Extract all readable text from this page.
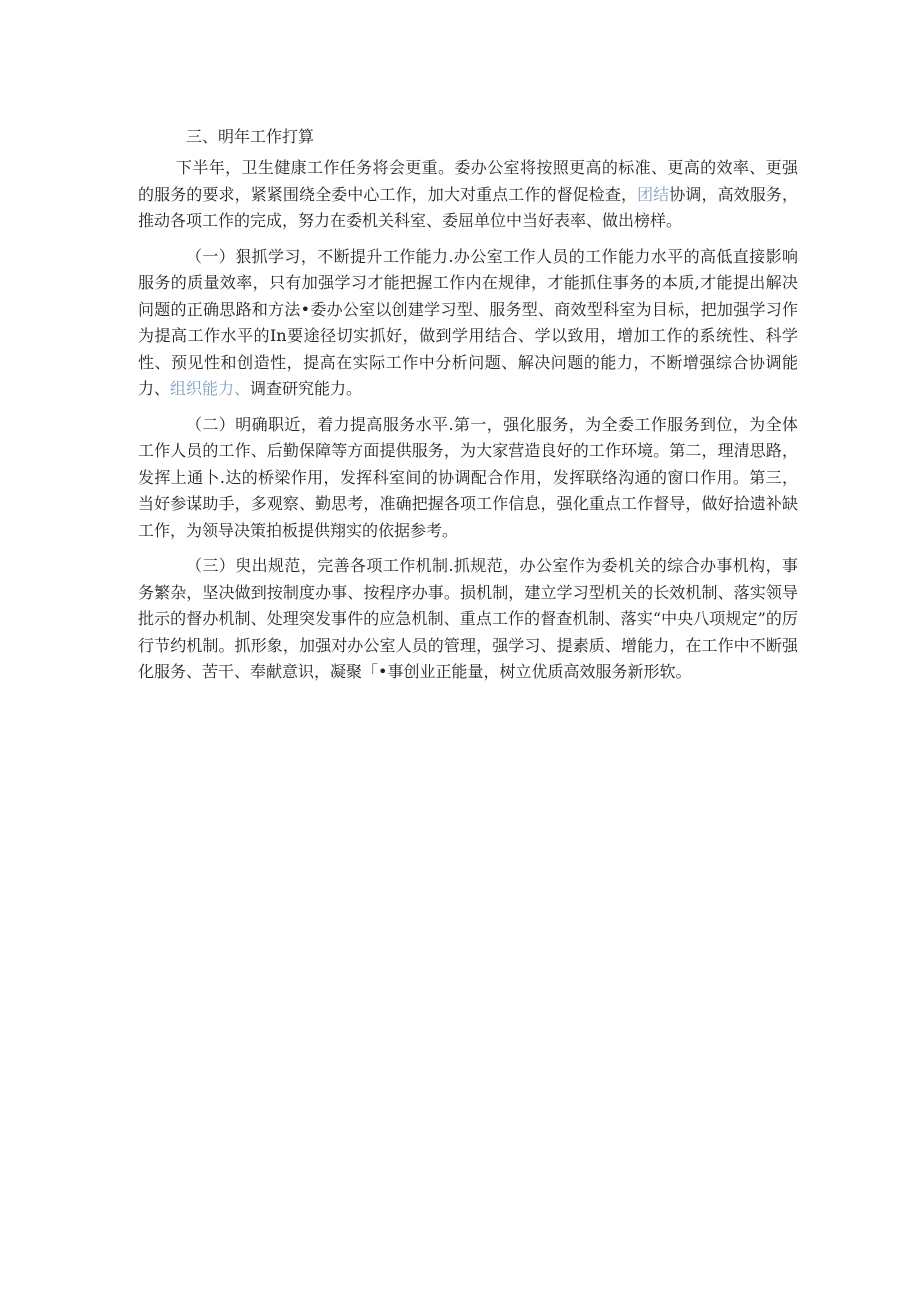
三、明年工作打算

下半年，卫生健康工作任务将会更重。委办公室将按照更高的标准、更高的效率、更强的服务的要求，紧紧围绕全委中心工作，加大对重点工作的督促检查，团结协调，高效服务，推动各项工作的完成，努力在委机关科室、委屈单位中当好表率、做出榜样。

（一）狠抓学习，不断提升工作能力.办公室工作人员的工作能力水平的高低直接影响服务的质量效率，只有加强学习才能把握工作内在规律，才能抓住事务的本质,才能提出解决问题的正确思路和方法•委办公室以创建学习型、服务型、商效型科室为目标，把加强学习作为提高工作水平的In要途径切实抓好，做到学用结合、学以致用，增加工作的系统性、科学性、预见性和创造性，提高在实际工作中分析问题、解决问题的能力，不断增强综合协调能力、组织能力、调查研究能力。

（二）明确职近，着力提高服务水平.第一，强化服务，为全委工作服务到位，为全体工作人员的工作、后勤保障等方面提供服务，为大家营造良好的工作环境。第二，理清思路，发挥上通卜.达的桥梁作用，发挥科室间的协调配合作用，发挥联络沟通的窗口作用。第三，当好参谋助手，多观察、勤思考，准确把握各项工作信息，强化重点工作督导，做好拾遗补缺工作，为领导决策拍板提供翔实的依据参考。

（三）臾出规范，完善各项工作机制.抓规范，办公室作为委机关的综合办事机构，事务繁杂，坚决做到按制度办事、按程序办事。损机制，建立学习型机关的长效机制、落实领导批示的督办机制、处理突发事件的应急机制、重点工作的督查机制、落实“中央八项规定”的厉行节约机制。抓形象，加强对办公室人员的管理，强学习、提素质、增能力，在工作中不断强化服务、苦干、奉献意识，凝聚「•事创业正能量，树立优质高效服务新形软。
